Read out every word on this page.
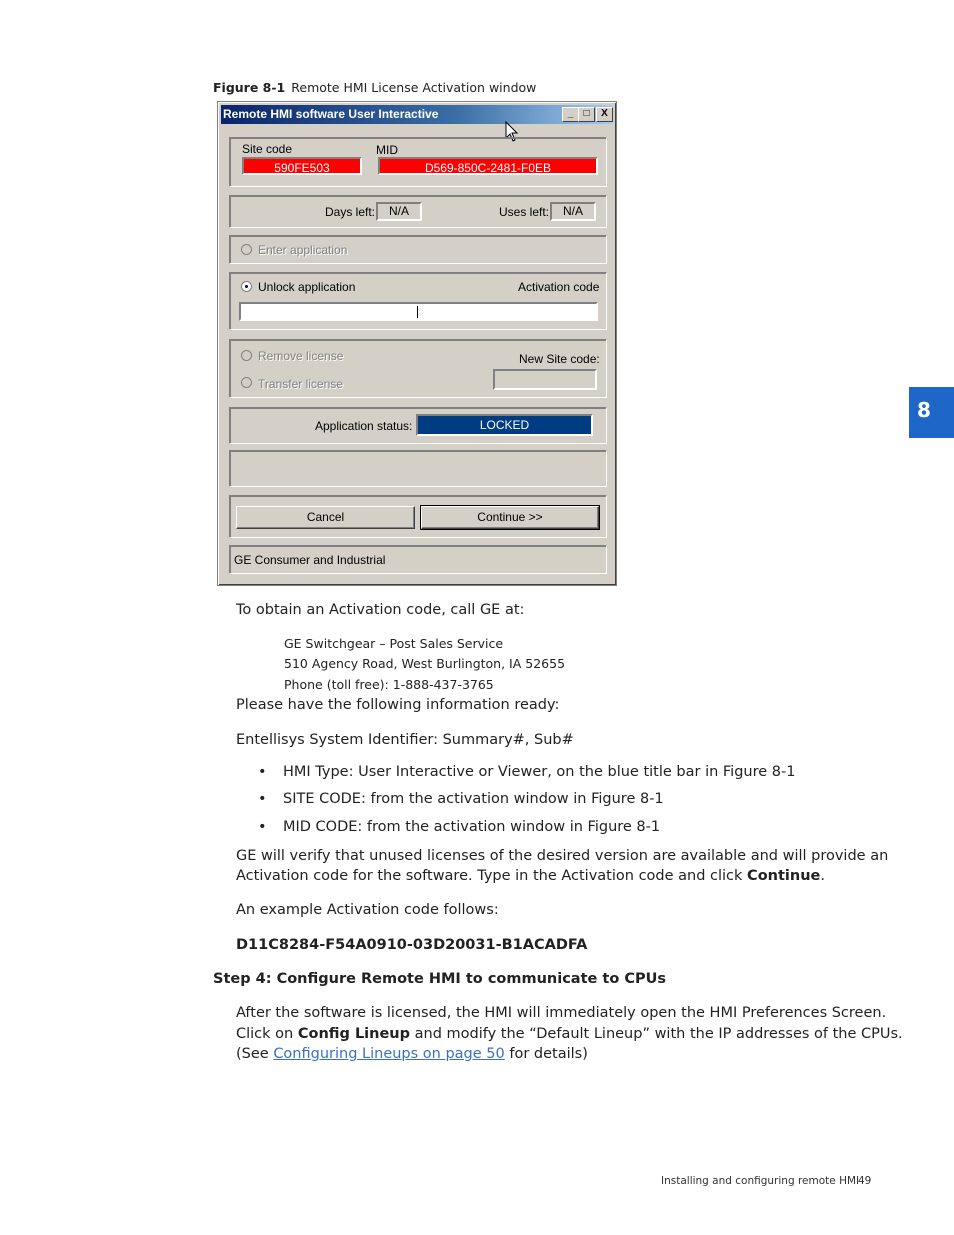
Figure 8-1 Remote HMI License Activation window
Remote HMI software User Interactive	_	□	X
Site code	MID
590FE503	D569-850C-2481-F0EB
Days left:	N/A	Uses left:	N/A
Enter application
Unlock application	Activation code
Remove license
Transfer license
New Site code:
Application status:	LOCKED
Cancel	Continue >>
GE Consumer and Industrial
To obtain an Activation code, call GE at:
GE Switchgear – Post Sales Service
510 Agency Road, West Burlington, IA 52655
Phone (toll free): 1-888-437-3765
Please have the following information ready:
Entellisys System Identifier: Summary#, Sub#
• HMI Type: User Interactive or Viewer, on the blue title bar in Figure 8-1
• SITE CODE: from the activation window in Figure 8-1
• MID CODE: from the activation window in Figure 8-1
GE will verify that unused licenses of the desired version are available and will provide an
Activation code for the software. Type in the Activation code and click Continue.
An example Activation code follows:
D11C8284-F54A0910-03D20031-B1ACADFA
Step 4: Configure Remote HMI to communicate to CPUs
After the software is licensed, the HMI will immediately open the HMI Preferences Screen.
Click on Config Lineup and modify the “Default Lineup” with the IP addresses of the CPUs.
(See Configuring Lineups on page 50 for details)
8
Installing and configuring remote HMI
49
